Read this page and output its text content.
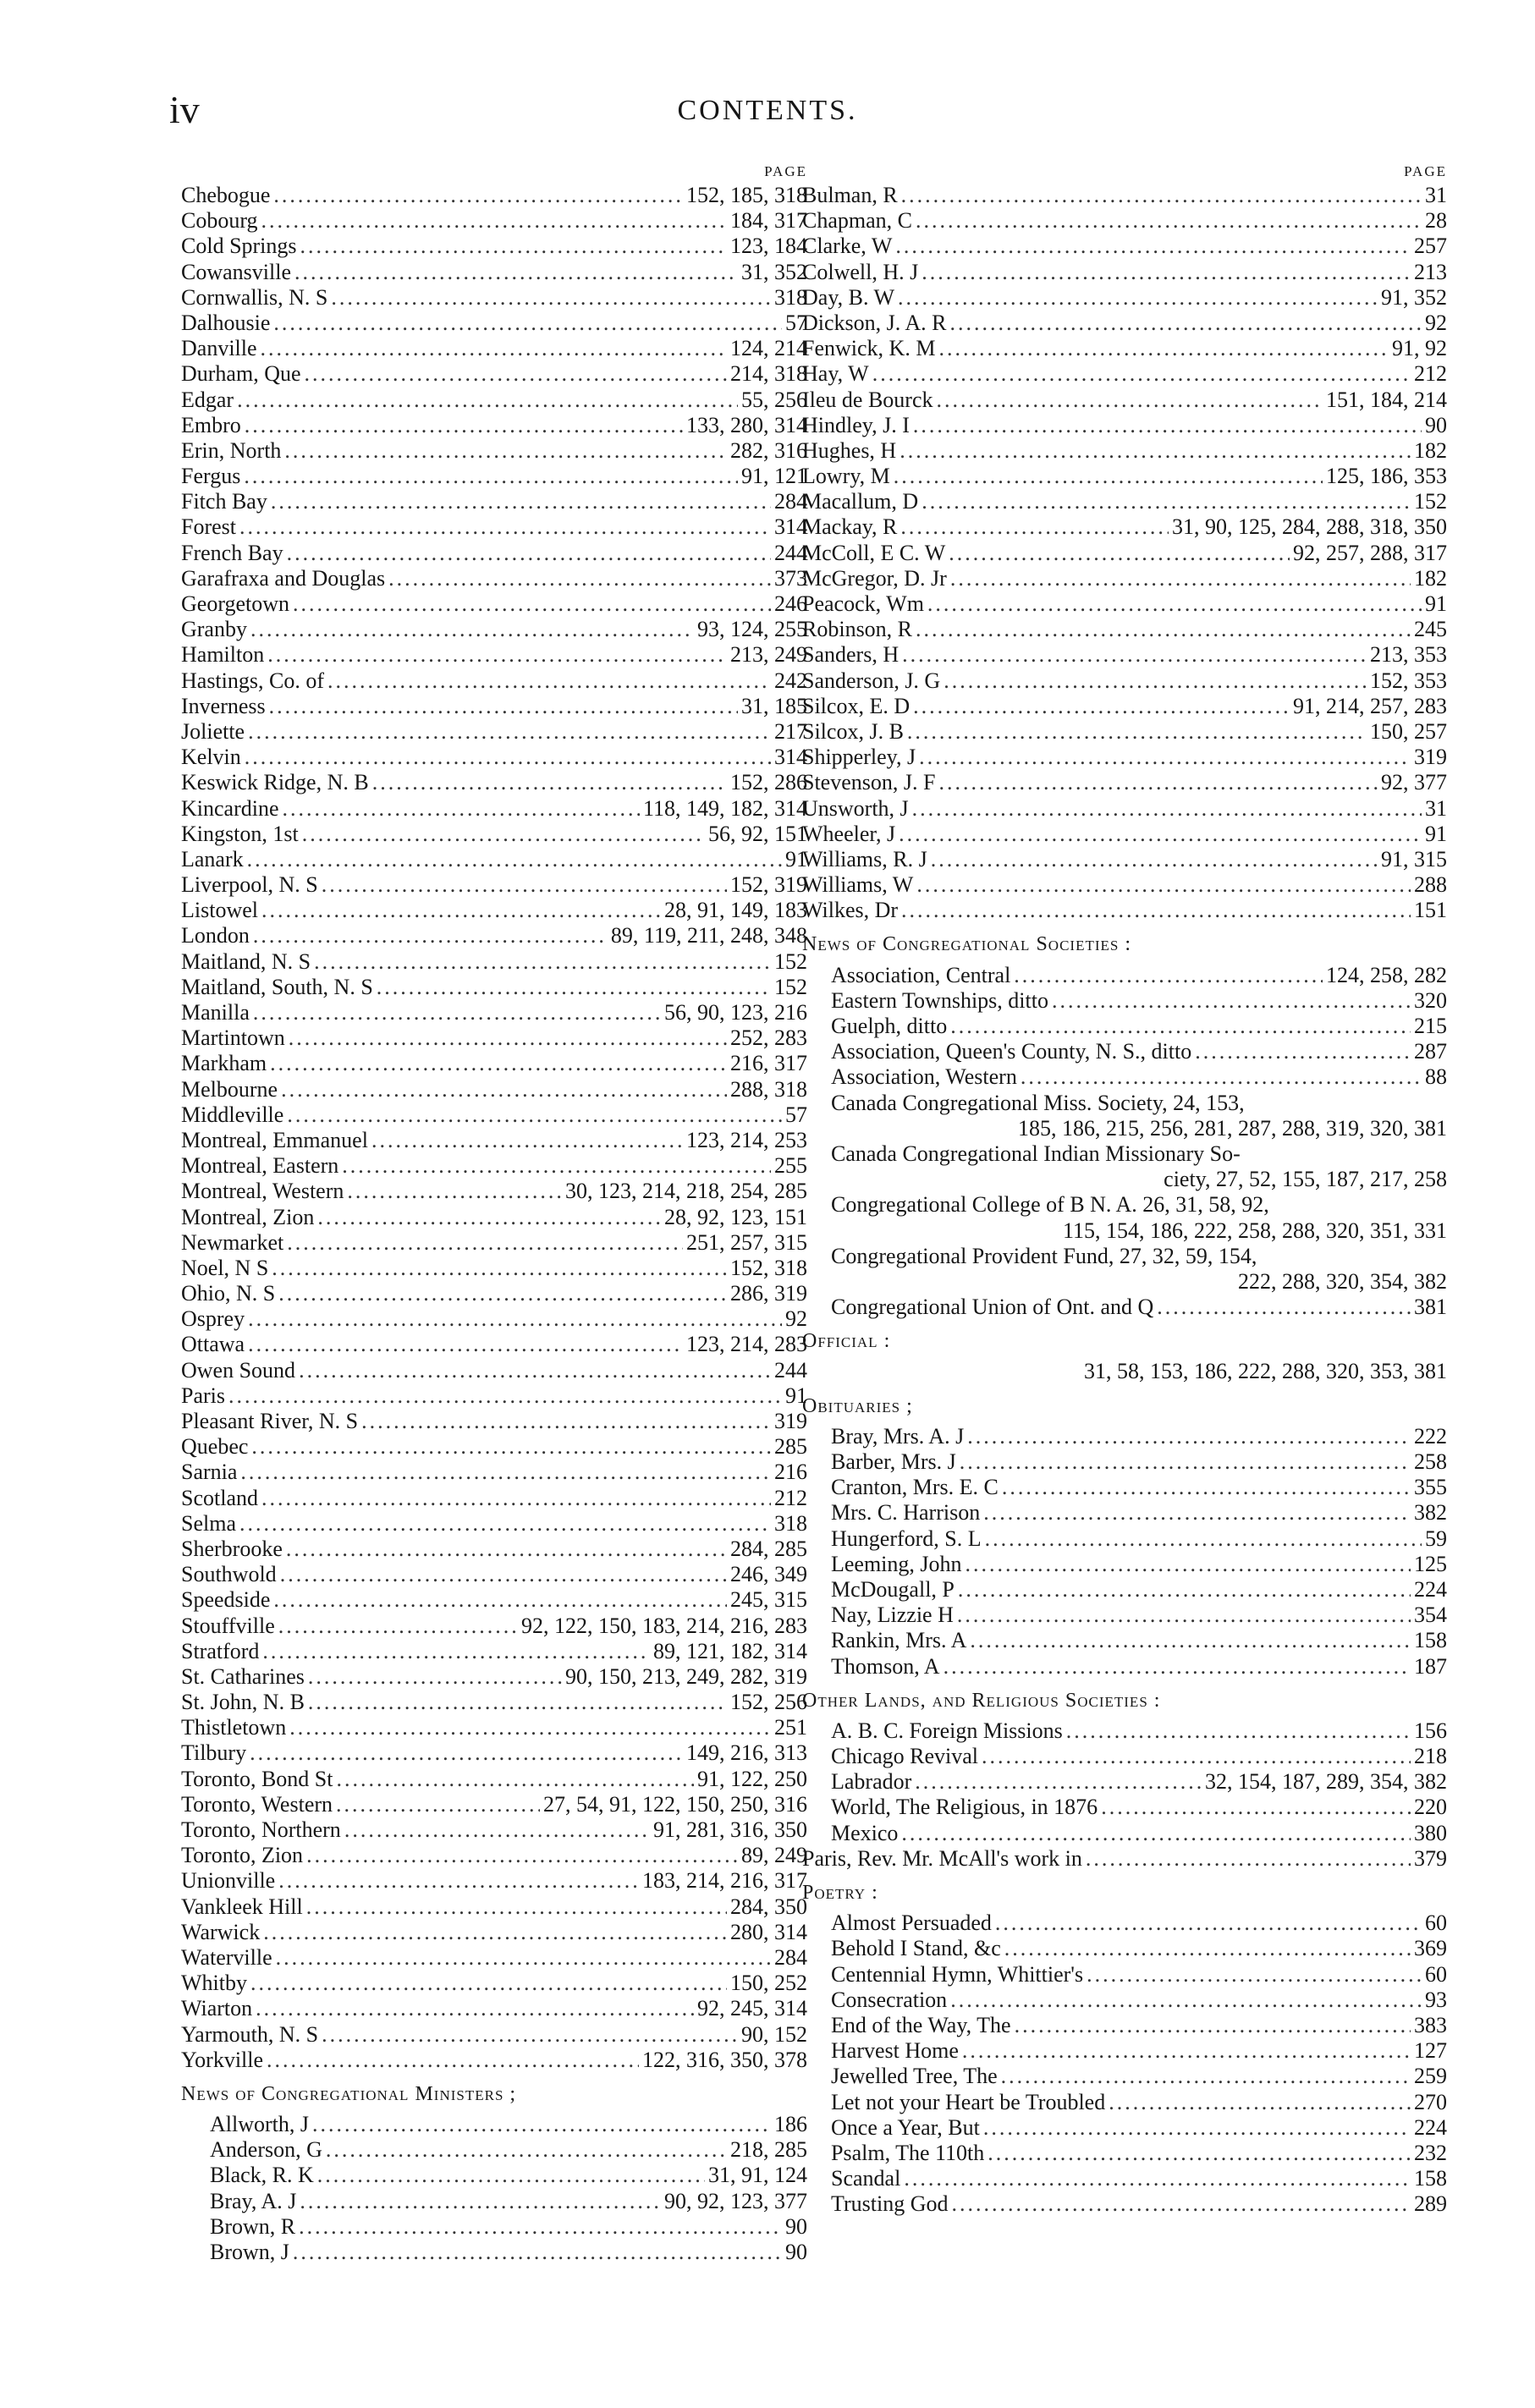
iv	CONTENTS.
PAGE
Chebogue .....	152, 185, 318
Cobourg .....	184, 317
Cold Springs .....	123, 184
Cowansville .....	31, 352
Cornwallis, N. S .....	318
Dalhousie .....	57
Danville .....	124, 214
Durham, Que .....	214, 318
Edgar .....	55, 256
Embro .....	133, 280, 314
Erin, North .....	282, 316
Fergus .....	91, 121
Fitch Bay .....	284
Forest .....	314
French Bay .....	244
Garafraxa and Douglas .....	373
Georgetown .....	246
Granby .....	93, 124, 255
Hamilton .....	213, 249
Hastings, Co. of .....	242
Inverness .....	31, 185
Joliette .....	217
Kelvin .....	314
Keswick Ridge, N. B .....	152, 286
Kincardine .....	118, 149, 182, 314
Kingston, 1st .....	56, 92, 151
Lanark .....	91
Liverpool, N. S .....	152, 319
Listowel .....	28, 91, 149, 183
London .....	89, 119, 211, 248, 348
Maitland, N. S .....	152
Maitland, South, N. S .....	152
Manilla .....	56, 90, 123, 216
Martintown .....	252, 283
Markham .....	216, 317
Melbourne .....	288, 318
Middleville .....	57
Montreal, Emmanuel .....	123, 214, 253
Montreal, Eastern .....	255
Montreal, Western .....	30, 123, 214, 218, 254, 285
Montreal, Zion .....	28, 92, 123, 151
Newmarket .....	251, 257, 315
Noel, N S .....	152, 318
Ohio, N. S .....	286, 319
Osprey .....	92
Ottawa .....	123, 214, 283
Owen Sound .....	244
Paris .....	91
Pleasant River, N. S .....	319
Quebec .....	285
Sarnia .....	216
Scotland .....	212
Selma .....	318
Sherbrooke .....	284, 285
Southwold .....	246, 349
Speedside .....	245, 315
Stouffville .....	92, 122, 150, 183, 214, 216, 283
Stratford .....	89, 121, 182, 314
St. Catharines .....	90, 150, 213, 249, 282, 319
St. John, N. B .....	152, 256
Thistletown .....	251
Tilbury .....	149, 216, 313
Toronto, Bond St .....	91, 122, 250
Toronto, Western .....	27, 54, 91, 122, 150, 250, 316
Toronto, Northern .....	91, 281, 316, 350
Toronto, Zion .....	89, 249
Unionville .....	183, 214, 216, 317
Vankleek Hill .....	284, 350
Warwick .....	280, 314
Waterville .....	284
Whitby .....	150, 252
Wiarton .....	92, 245, 314
Yarmouth, N. S .....	90, 152
Yorkville .....	122, 316, 350, 378
News of Congregational Ministers ;
Allworth, J .....	186
Anderson, G .....	218, 285
Black, R. K .....	31, 91, 124
Bray, A. J .....	90, 92, 123, 377
Brown, R .....	90
Brown, J .....	90
PAGE
Bulman, R .....	31
Chapman, C .....	28
Clarke, W .....	257
Colwell, H. J .....	213
Day, B. W .....	91, 352
Dickson, J. A. R .....	92
Fenwick, K. M .....	91, 92
Hay, W .....	212
Ileu de Bourck .....	151, 184, 214
Hindley, J. I .....	90
Hughes, H .....	182
Lowry, M .....	125, 186, 353
Macallum, D .....	152
Mackay, R .....	31, 90, 125, 284, 288, 318, 350
McColl, E C. W .....	92, 257, 288, 317
McGregor, D. Jr .....	182
Peacock, Wm .....	91
Robinson, R .....	245
Sanders, H .....	213, 353
Sanderson, J. G .....	152, 353
Silcox, E. D .....	91, 214, 257, 283
Silcox, J. B .....	150, 257
Shipperley, J .....	319
Stevenson, J. F .....	92, 377
Unsworth, J .....	31
Wheeler, J .....	91
Williams, R. J .....	91, 315
Williams, W .....	288
Wilkes, Dr .....	151
News of Congregational Societies :
Association, Central .....	124, 258, 282
Eastern Townships, ditto .....	320
Guelph, ditto .....	215
Association, Queen's County, N. S., ditto .....	287
Association, Western .....	88
Canada Congregational Miss. Society, 24, 153,
185, 186, 215, 256, 281, 287, 288, 319, 320, 381
Canada Congregational Indian Missionary So-
ciety, 27, 52, 155, 187, 217, 258
Congregational College of B N. A. 26, 31, 58, 92,
115, 154, 186, 222, 258, 288, 320, 351, 331
Congregational Provident Fund, 27, 32, 59, 154,
222, 288, 320, 354, 382
Congregational Union of Ont. and Q .....	381
Official :
31, 58, 153, 186, 222, 288, 320, 353, 381
Obituaries ;
Bray, Mrs. A. J .....	222
Barber, Mrs. J .....	258
Cranton, Mrs. E. C .....	355
Mrs. C. Harrison .....	382
Hungerford, S. L .....	59
Leeming, John .....	125
McDougall, P .....	224
Nay, Lizzie H .....	354
Rankin, Mrs. A .....	158
Thomson, A .....	187
Other Lands, and Religious Societies :
A. B. C. Foreign Missions .....	156
Chicago Revival .....	218
Labrador .....	32, 154, 187, 289, 354, 382
World, The Religious, in 1876 .....	220
Mexico .....	380
Paris, Rev. Mr. McAll's work in .....	379
Poetry :
Almost Persuaded .....	60
Behold I Stand, &c .....	369
Centennial Hymn, Whittier's .....	60
Consecration .....	93
End of the Way, The .....	383
Harvest Home .....	127
Jewelled Tree, The .....	259
Let not your Heart be Troubled .....	270
Once a Year, But .....	224
Psalm, The 110th .....	232
Scandal .....	158
Trusting God .....	289
